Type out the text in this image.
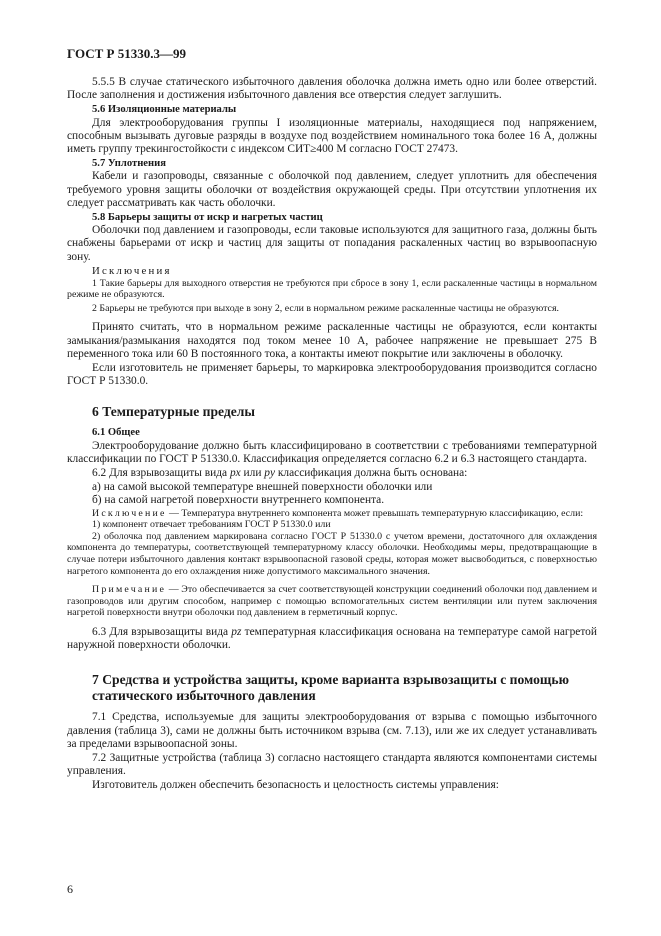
ГОСТ Р 51330.3—99

5.5.5 В случае статического избыточного давления оболочка должна иметь одно или более отверстий. После заполнения и достижения избыточного давления все отверстия следует заглушить.

5.6 Изоляционные материалы

Для электрооборудования группы I изоляционные материалы, находящиеся под напряжением, способным вызывать дуговые разряды в воздухе под воздействием номинального тока более 16 А, должны иметь группу трекингостойкости с индексом СИТ≥400 М согласно ГОСТ 27473.

5.7 Уплотнения

Кабели и газопроводы, связанные с оболочкой под давлением, следует уплотнить для обеспечения требуемого уровня защиты оболочки от воздействия окружающей среды. При отсутствии уплотнения их следует рассматривать как часть оболочки.

5.8 Барьеры защиты от искр и нагретых частиц

Оболочки под давлением и газопроводы, если таковые используются для защитного газа, должны быть снабжены барьерами от искр и частиц для защиты от попадания раскаленных частиц во взрывоопасную зону.

Исключения

1 Такие барьеры для выходного отверстия не требуются при сбросе в зону 1, если раскаленные частицы в нормальном режиме не образуются.

2 Барьеры не требуются при выходе в зону 2, если в нормальном режиме раскаленные частицы не образуются.

Принято считать, что в нормальном режиме раскаленные частицы не образуются, если контакты замыкания/размыкания находятся под током менее 10 А, рабочее напряжение не превышает 275 В переменного тока или 60 В постоянного тока, а контакты имеют покрытие или заключены в оболочку.

Если изготовитель не применяет барьеры, то маркировка электрооборудования производится согласно ГОСТ Р 51330.0.

6 Температурные пределы
6.1 Общее

Электрооборудование должно быть классифицировано в соответствии с требованиями температурной классификации по ГОСТ Р 51330.0. Классификация определяется согласно 6.2 и 6.3 настоящего стандарта.

6.2 Для взрывозащиты вида px или py классификация должна быть основана:

а) на самой высокой температуре внешней поверхности оболочки или
б) на самой нагретой поверхности внутреннего компонента.

Исключение — Температура внутреннего компонента может превышать температурную классификацию, если:

1) компонент отвечает требованиям ГОСТ Р 51330.0 или

2) оболочка под давлением маркирована согласно ГОСТ Р 51330.0 с учетом времени, достаточного для охлаждения компонента до температуры, соответствующей температурному классу оболочки. Необходимы меры, предотвращающие в случае потери избыточного давления контакт взрывоопасной газовой среды, которая может высвободиться, с поверхностью нагретого компонента до его охлаждения ниже допустимого максимального значения.

Примечание — Это обеспечивается за счет соответствующей конструкции соединений оболочки под давлением и газопроводов или другим способом, например с помощью вспомогательных систем вентиляции или путем заключения нагретой поверхности внутри оболочки под давлением в герметичный корпус.

6.3 Для взрывозащиты вида pz температурная классификация основана на температуре самой нагретой наружной поверхности оболочки.

7 Средства и устройства защиты, кроме варианта взрывозащиты с помощью статического избыточного давления

7.1 Средства, используемые для защиты электрооборудования от взрыва с помощью избыточного давления (таблица 3), сами не должны быть источником взрыва (см. 7.13), или же их следует устанавливать за пределами взрывоопасной зоны.

7.2 Защитные устройства (таблица 3) согласно настоящего стандарта являются компонентами системы управления.

Изготовитель должен обеспечить безопасность и целостность системы управления:

6
